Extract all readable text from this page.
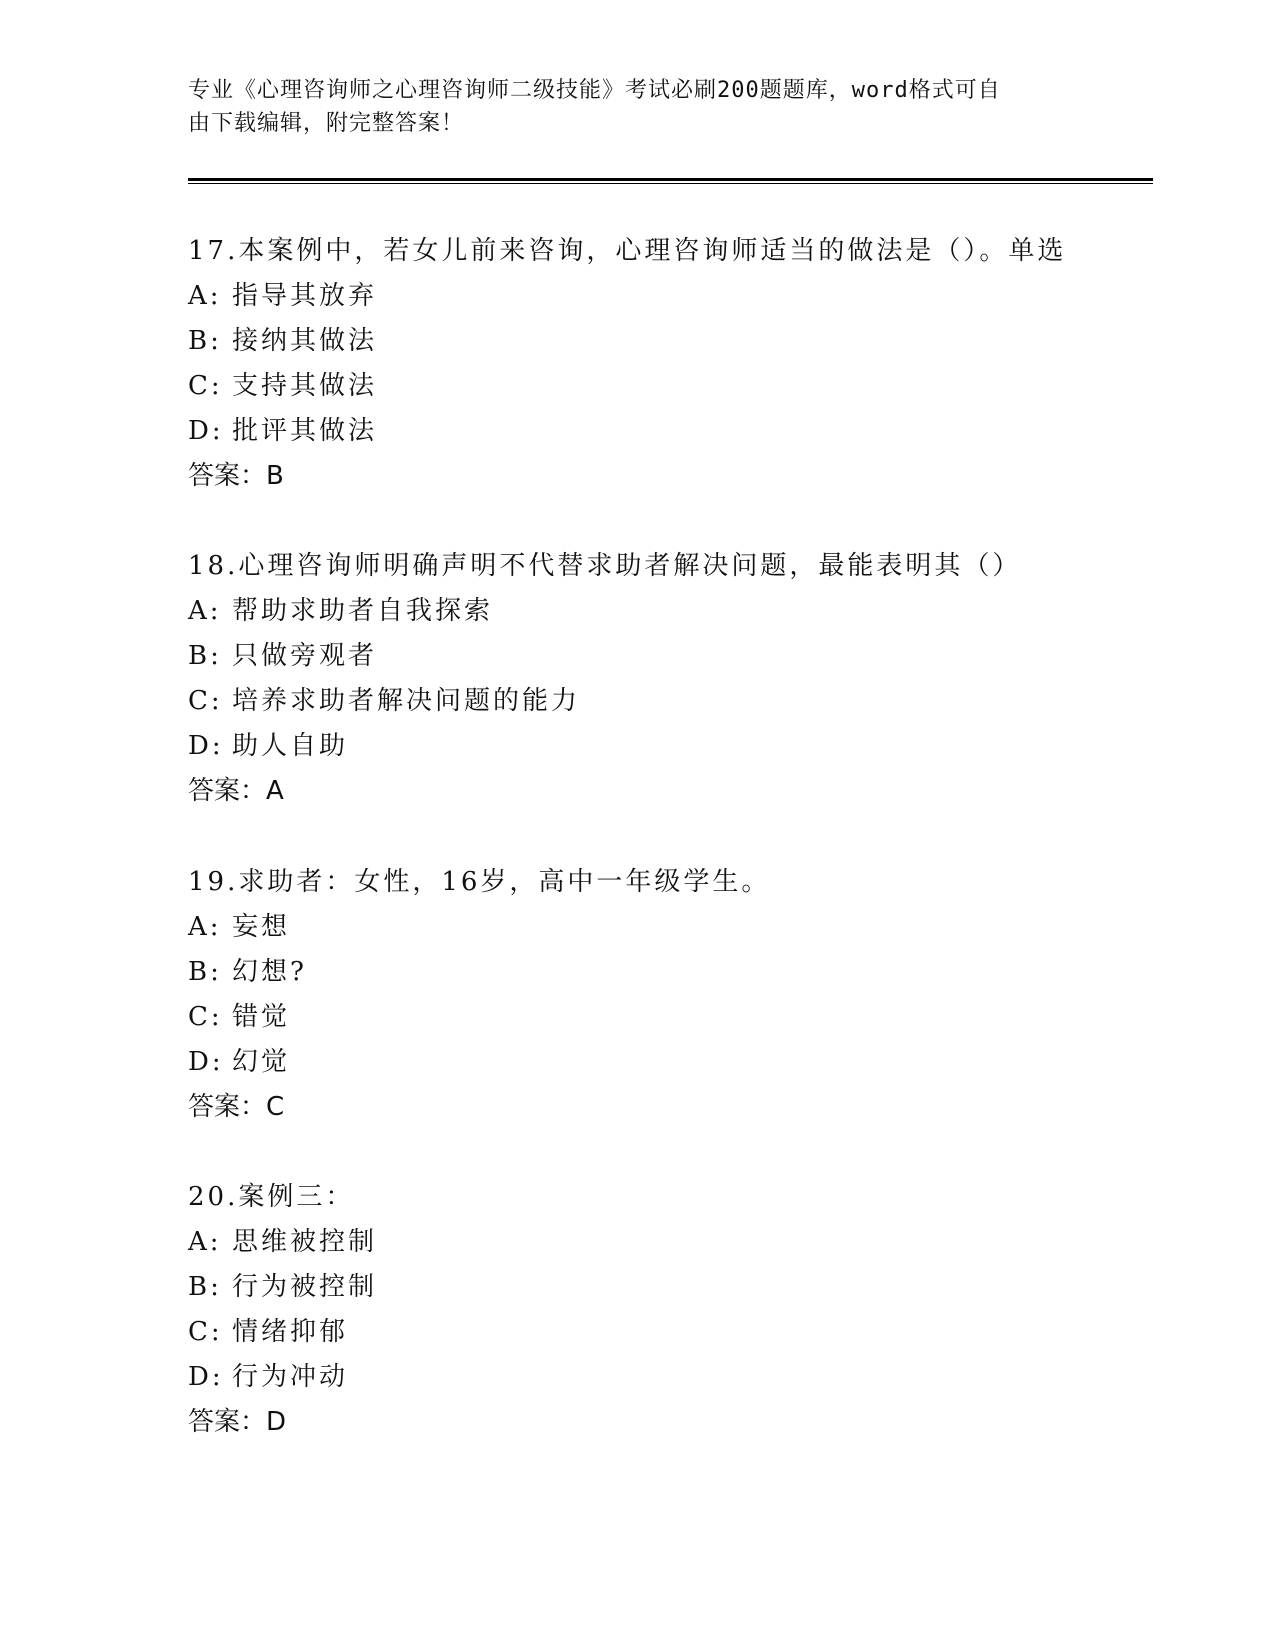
专业《心理咨询师之心理咨询师二级技能》考试必刷200题题库，word格式可自
由下载编辑，附完整答案！
17.本案例中，若女儿前来咨询，心理咨询师适当的做法是（）。单选
A: 指导其放弃
B: 接纳其做法
C: 支持其做法
D: 批评其做法
答案：B
18.心理咨询师明确声明不代替求助者解决问题，最能表明其（）
A: 帮助求助者自我探索
B: 只做旁观者
C: 培养求助者解决问题的能力
D: 助人自助
答案：A
19.求助者：女性，16岁，高中一年级学生。
A: 妄想
B: 幻想?
C: 错觉
D: 幻觉
答案：C
20.案例三：
A: 思维被控制
B: 行为被控制
C: 情绪抑郁
D: 行为冲动
答案：D
